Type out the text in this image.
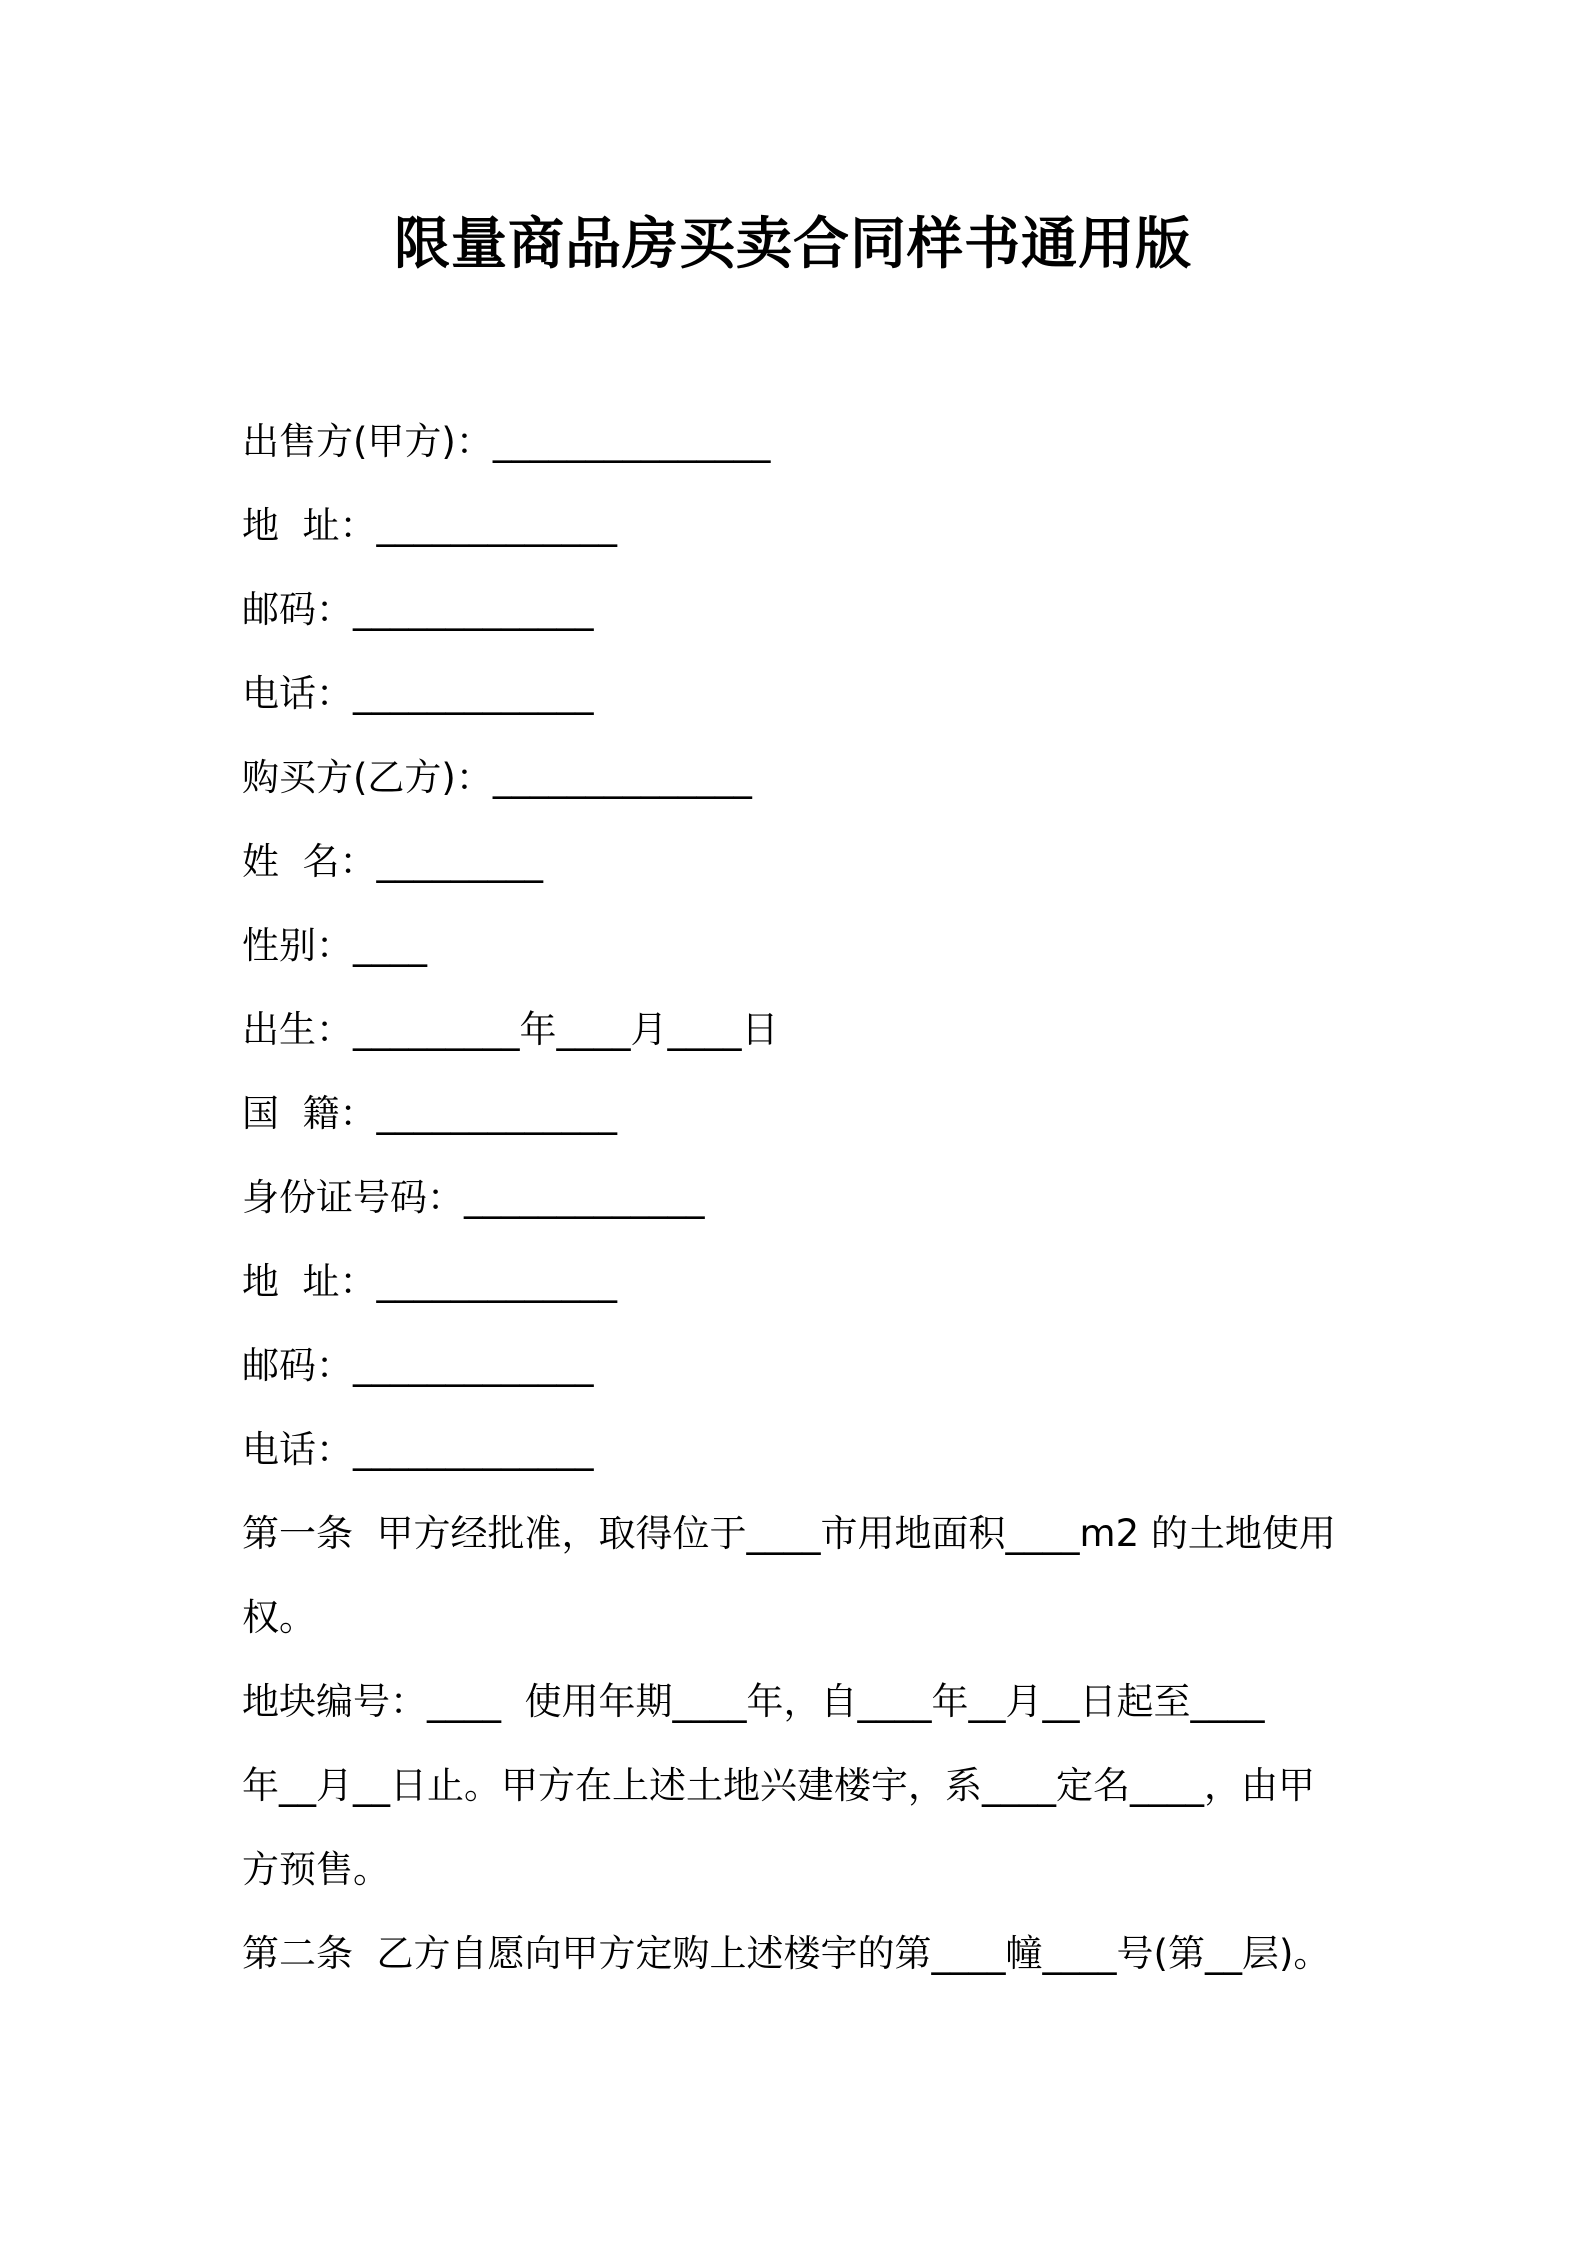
限量商品房买卖合同样书通用版
出售方(甲方)：_______________
地  址：_____________
邮码：_____________
电话：_____________
购买方(乙方)：______________
姓  名：_________
性别：____
出生：_________年____月____日
国  籍：_____________
身份证号码：_____________
地  址：_____________
邮码：_____________
电话：_____________
第一条  甲方经批准，取得位于____市用地面积____m2 的土地使用
权。
地块编号：____  使用年期____年，自____年__月__日起至____
年__月__日止。甲方在上述土地兴建楼宇，系____定名____，由甲
方预售。
第二条  乙方自愿向甲方定购上述楼宇的第____幢____号(第__层)。
